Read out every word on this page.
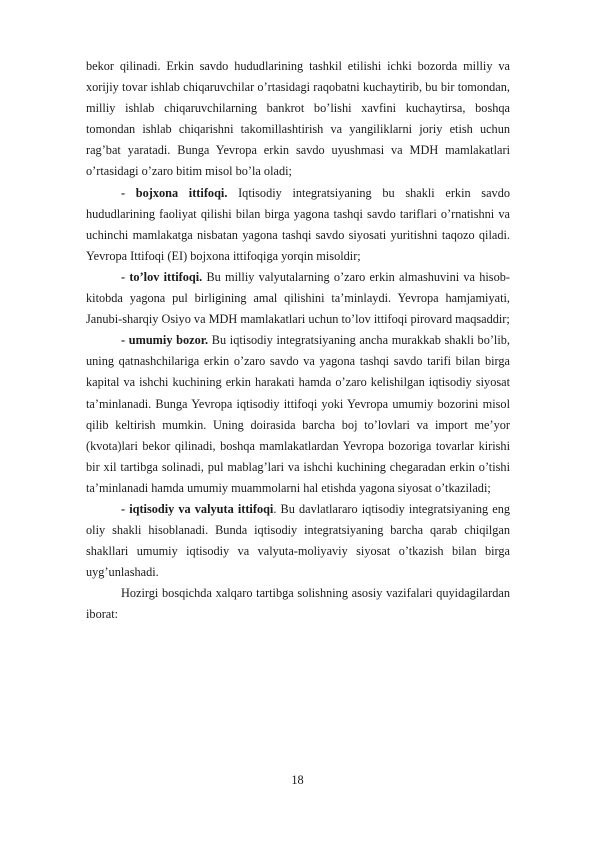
bekor qilinadi. Erkin savdo hududlarining tashkil etilishi ichki bozorda milliy va xorijiy tovar ishlab chiqaruvchilar o’rtasidagi raqobatni kuchaytirib, bu bir tomondan, milliy ishlab chiqaruvchilarning bankrot bo’lishi xavfini kuchaytirsa, boshqa tomondan ishlab chiqarishni takomillashtirish va yangiliklarni joriy etish uchun rag’bat yaratadi. Bunga Yevropa erkin savdo uyushmasi va MDH mamlakatlari o’rtasidagi o’zaro bitim misol bo’la oladi;

- bojxona ittifoqi. Iqtisodiy integratsiyaning bu shakli erkin savdo hududlarining faoliyat qilishi bilan birga yagona tashqi savdo tariflari o’rnatishni va uchinchi mamlakatga nisbatan yagona tashqi savdo siyosati yuritishni taqozo qiladi. Yevropa Ittifoqi (EI) bojxona ittifoqiga yorqin misoldir;

- to’lov ittifoqi. Bu milliy valyutalarning o’zaro erkin almashuvini va hisob-kitobda yagona pul birligining amal qilishini ta’minlaydi. Yevropa hamjamiyati, Janubi-sharqiy Osiyo va MDH mamlakatlari uchun to’lov ittifoqi pirovard maqsaddir;

- umumiy bozor. Bu iqtisodiy integratsiyaning ancha murakkab shakli bo’lib, uning qatnashchilariga erkin o’zaro savdo va yagona tashqi savdo tarifi bilan birga kapital va ishchi kuchining erkin harakati hamda o’zaro kelishilgan iqtisodiy siyosat ta’minlanadi. Bunga Yevropa iqtisodiy ittifoqi yoki Yevropa umumiy bozorini misol qilib keltirish mumkin. Uning doirasida barcha boj to’lovlari va import me’yor (kvota)lari bekor qilinadi, boshqa mamlakatlardan Yevropa bozoriga tovarlar kirishi bir xil tartibga solinadi, pul mablag’lari va ishchi kuchining chegaradan erkin o’tishi ta’minlanadi hamda umumiy muammolarni hal etishda yagona siyosat o’tkaziladi;

- iqtisodiy va valyuta ittifoqi. Bu davlatlararo iqtisodiy integratsiyaning eng oliy shakli hisoblanadi. Bunda iqtisodiy integratsiyaning barcha qarab chiqilgan shakllari umumiy iqtisodiy va valyuta-moliyaviy siyosat o’tkazish bilan birga uyg’unlashadi.

Hozirgi bosqichda xalqaro tartibga solishning asosiy vazifalari quyidagilardan iborat:

18
